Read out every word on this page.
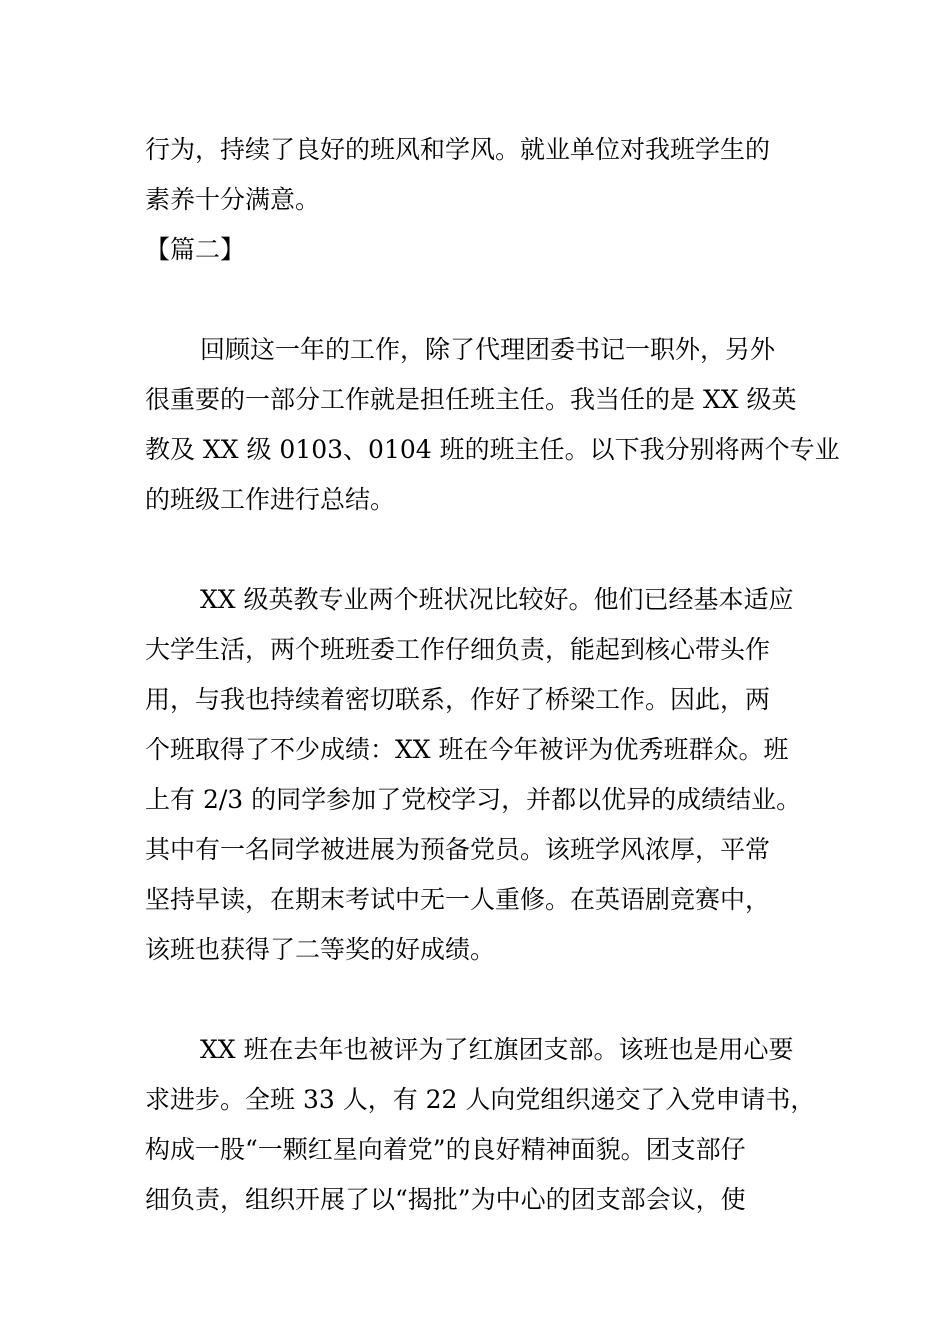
行为，持续了良好的班风和学风。就业单位对我班学生的
素养十分满意。
【篇二】
回顾这一年的工作，除了代理团委书记一职外，另外
很重要的一部分工作就是担任班主任。我当任的是 XX 级英
教及 XX 级 0103、0104 班的班主任。以下我分别将两个专业
的班级工作进行总结。
XX 级英教专业两个班状况比较好。他们已经基本适应
大学生活，两个班班委工作仔细负责，能起到核心带头作
用，与我也持续着密切联系，作好了桥梁工作。因此，两
个班取得了不少成绩：XX 班在今年被评为优秀班群众。班
上有 2/3 的同学参加了党校学习，并都以优异的成绩结业。
其中有一名同学被进展为预备党员。该班学风浓厚，平常
坚持早读，在期末考试中无一人重修。在英语剧竞赛中，
该班也获得了二等奖的好成绩。
XX 班在去年也被评为了红旗团支部。该班也是用心要
求进步。全班 33 人，有 22 人向党组织递交了入党申请书，
构成一股“一颗红星向着党”的良好精神面貌。团支部仔
细负责，组织开展了以“揭批”为中心的团支部会议，使
